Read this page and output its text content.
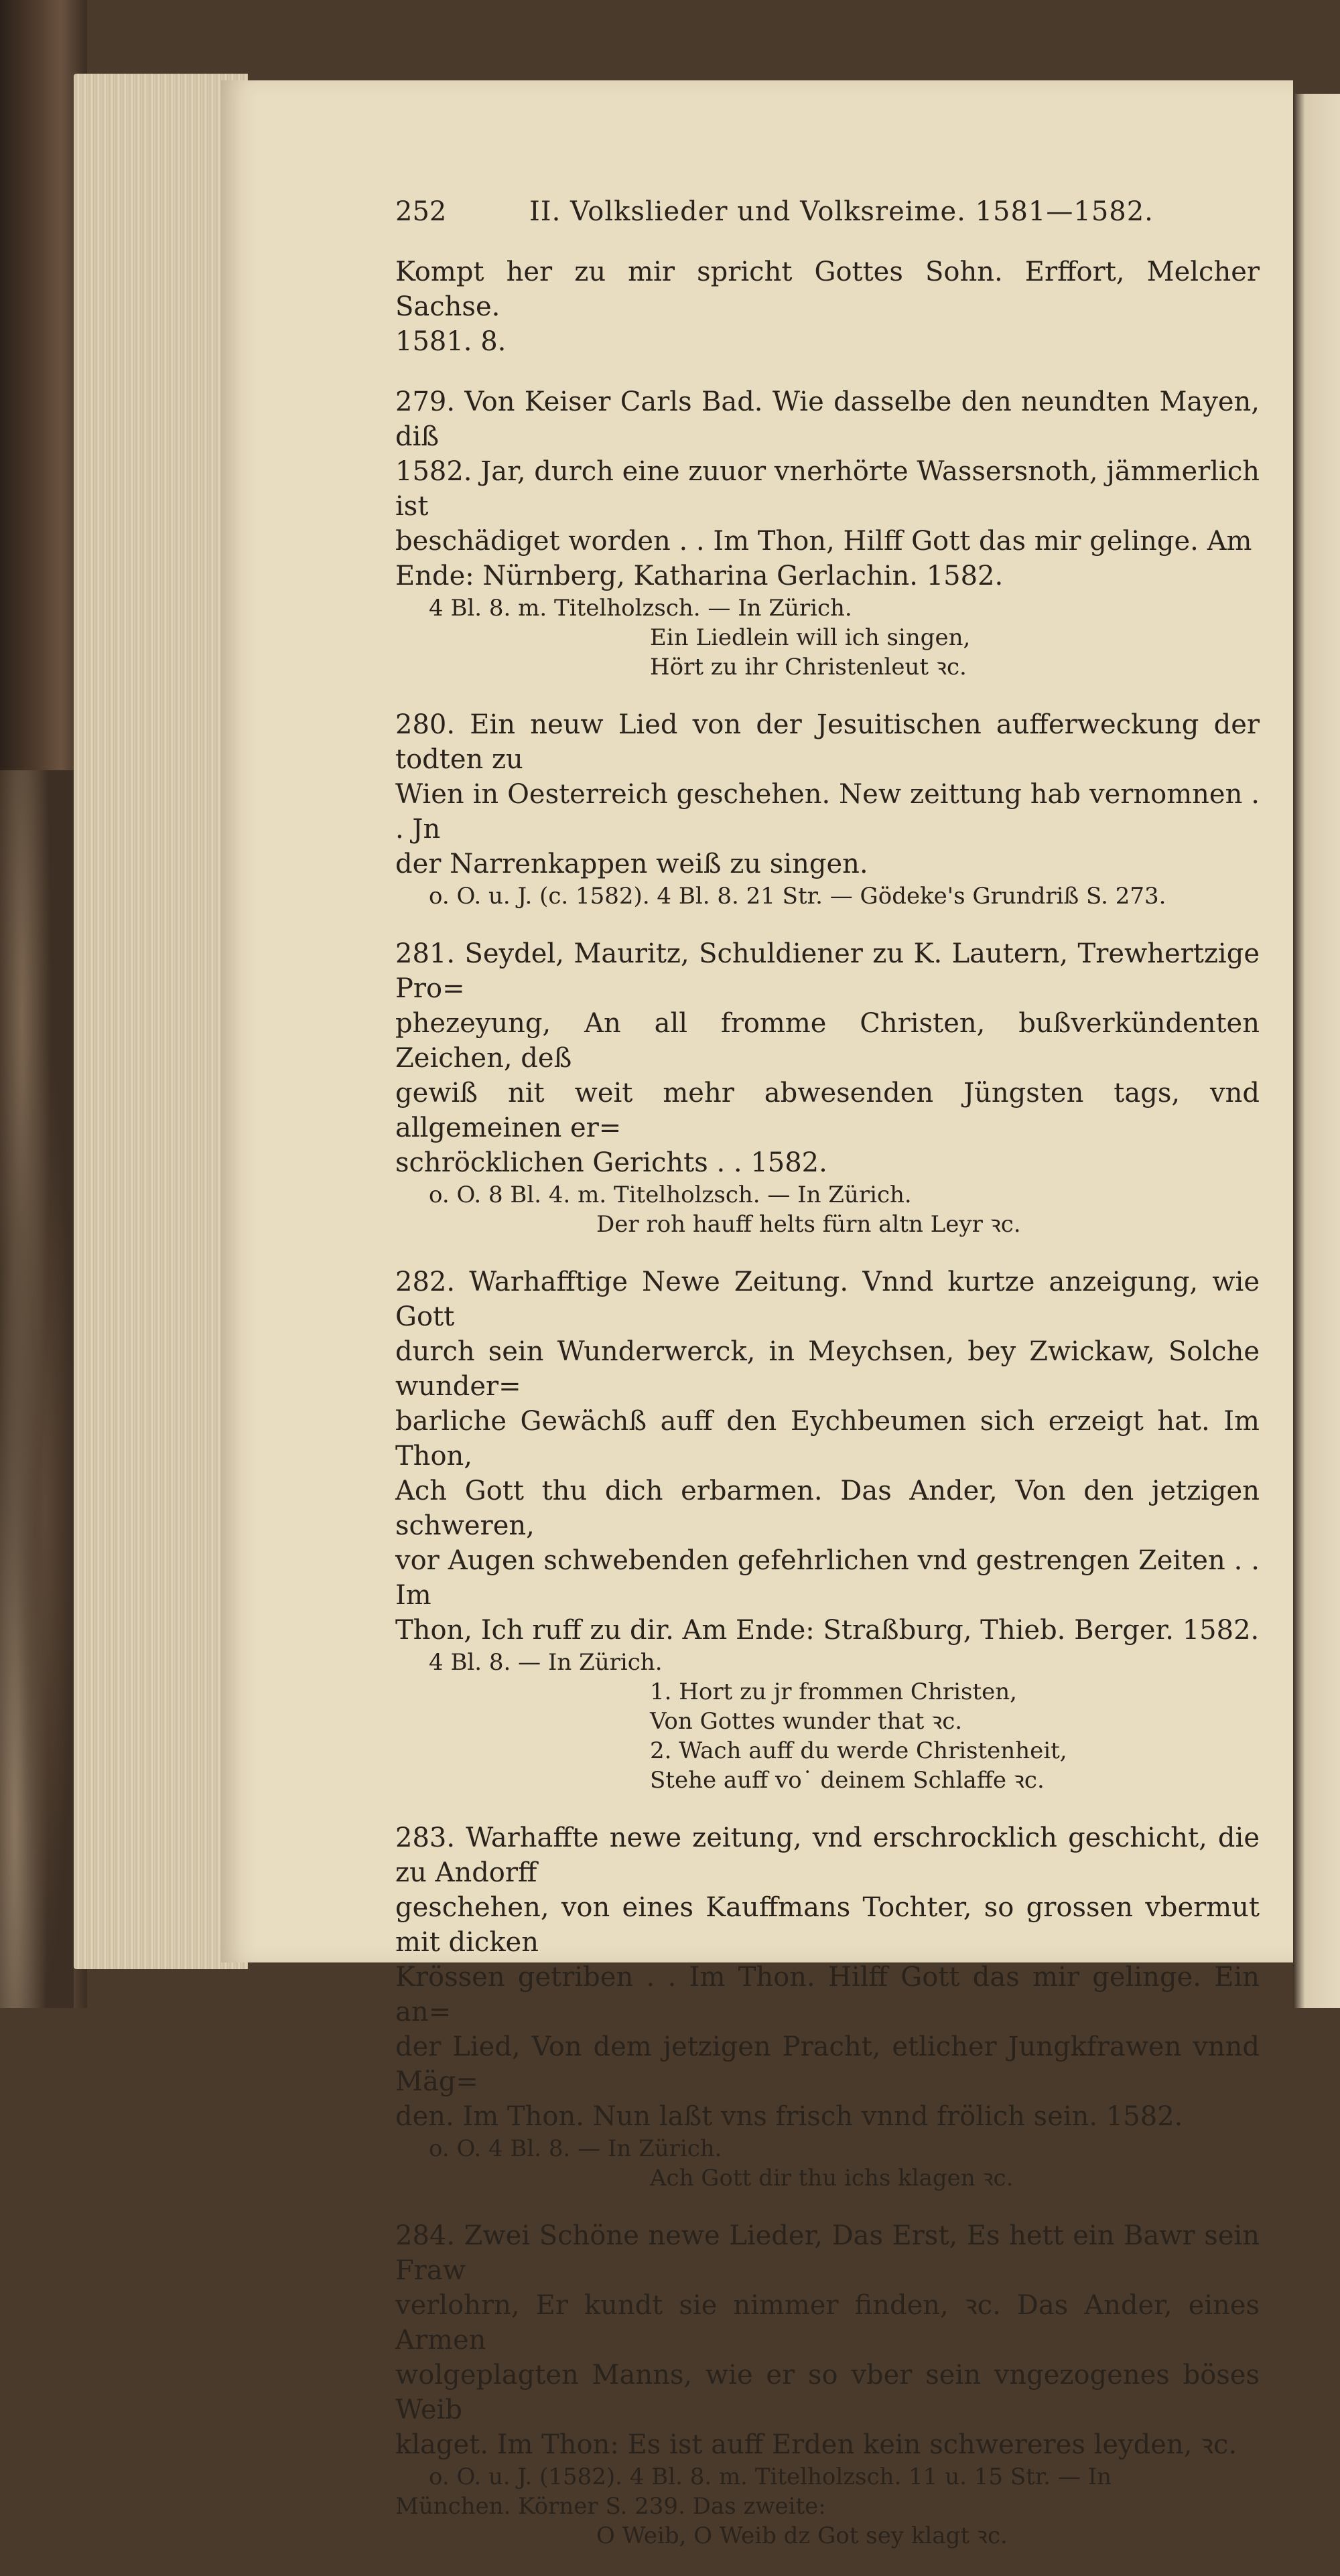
252	II. Volkslieder und Volksreime. 1581—1582.

Kompt her zu mir spricht Gottes Sohn. Erffort, Melcher Sachse.

1581. 8.

279. Von Keiser Carls Bad. Wie dasselbe den neundten Mayen, diß

1582. Jar, durch eine zuuor vnerhörte Wassersnoth, jämmerlich ist

beschädiget worden . . Im Thon, Hilff Gott das mir gelinge. Am

Ende: Nürnberg, Katharina Gerlachin. 1582.

4 Bl. 8. m. Titelholzsch. — In Zürich.

Ein Liedlein will ich singen,

Hört zu ihr Christenleut ꝛc.

280. Ein neuw Lied von der Jesuitischen aufferweckung der todten zu

Wien in Oesterreich geschehen. New zeittung hab vernomnen . . Jn

der Narrenkappen weiß zu singen.

o. O. u. J. (c. 1582). 4 Bl. 8. 21 Str. — Gödeke's Grundriß S. 273.

281. Seydel, Mauritz, Schuldiener zu K. Lautern, Trewhertzige Pro=

phezeyung, An all fromme Christen, bußverkündenten Zeichen, deß

gewiß nit weit mehr abwesenden Jüngsten tags, vnd allgemeinen er=

schröcklichen Gerichts . . 1582.

o. O. 8 Bl. 4. m. Titelholzsch. — In Zürich.

Der roh hauff helts fürn altn Leyr ꝛc.

282. Warhafftige Newe Zeitung. Vnnd kurtze anzeigung, wie Gott

durch sein Wunderwerck, in Meychsen, bey Zwickaw, Solche wunder=

barliche Gewächß auff den Eychbeumen sich erzeigt hat. Im Thon,

Ach Gott thu dich erbarmen. Das Ander, Von den jetzigen schweren,

vor Augen schwebenden gefehrlichen vnd gestrengen Zeiten . . Im

Thon, Ich ruff zu dir. Am Ende: Straßburg, Thieb. Berger. 1582.

4 Bl. 8. — In Zürich.

1. Hort zu jr frommen Christen,

Von Gottes wunder that ꝛc.

2. Wach auff du werde Christenheit,

Stehe auff vo˙ deinem Schlaffe ꝛc.

283. Warhaffte newe zeitung, vnd erschrocklich geschicht, die zu Andorff

geschehen, von eines Kauffmans Tochter, so grossen vbermut mit dicken

Krössen getriben . . Im Thon. Hilff Gott das mir gelinge. Ein an=

der Lied, Von dem jetzigen Pracht, etlicher Jungkfrawen vnnd Mäg=

den. Im Thon. Nun laßt vns frisch vnnd frölich sein. 1582.

o. O. 4 Bl. 8. — In Zürich.

Ach Gott dir thu ichs klagen ꝛc.

284. Zwei Schöne newe Lieder, Das Erst, Es hett ein Bawr sein Fraw

verlohrn, Er kundt sie nimmer finden, ꝛc. Das Ander, eines Armen

wolgeplagten Manns, wie er so vber sein vngezogenes böses Weib

klaget. Im Thon: Es ist auff Erden kein schwereres leyden, ꝛc.

o. O. u. J. (1582). 4 Bl. 8. m. Titelholzsch. 11 u. 15 Str. — In

München. Körner S. 239. Das zweite:

O Weib, O Weib dz Got sey klagt ꝛc.
